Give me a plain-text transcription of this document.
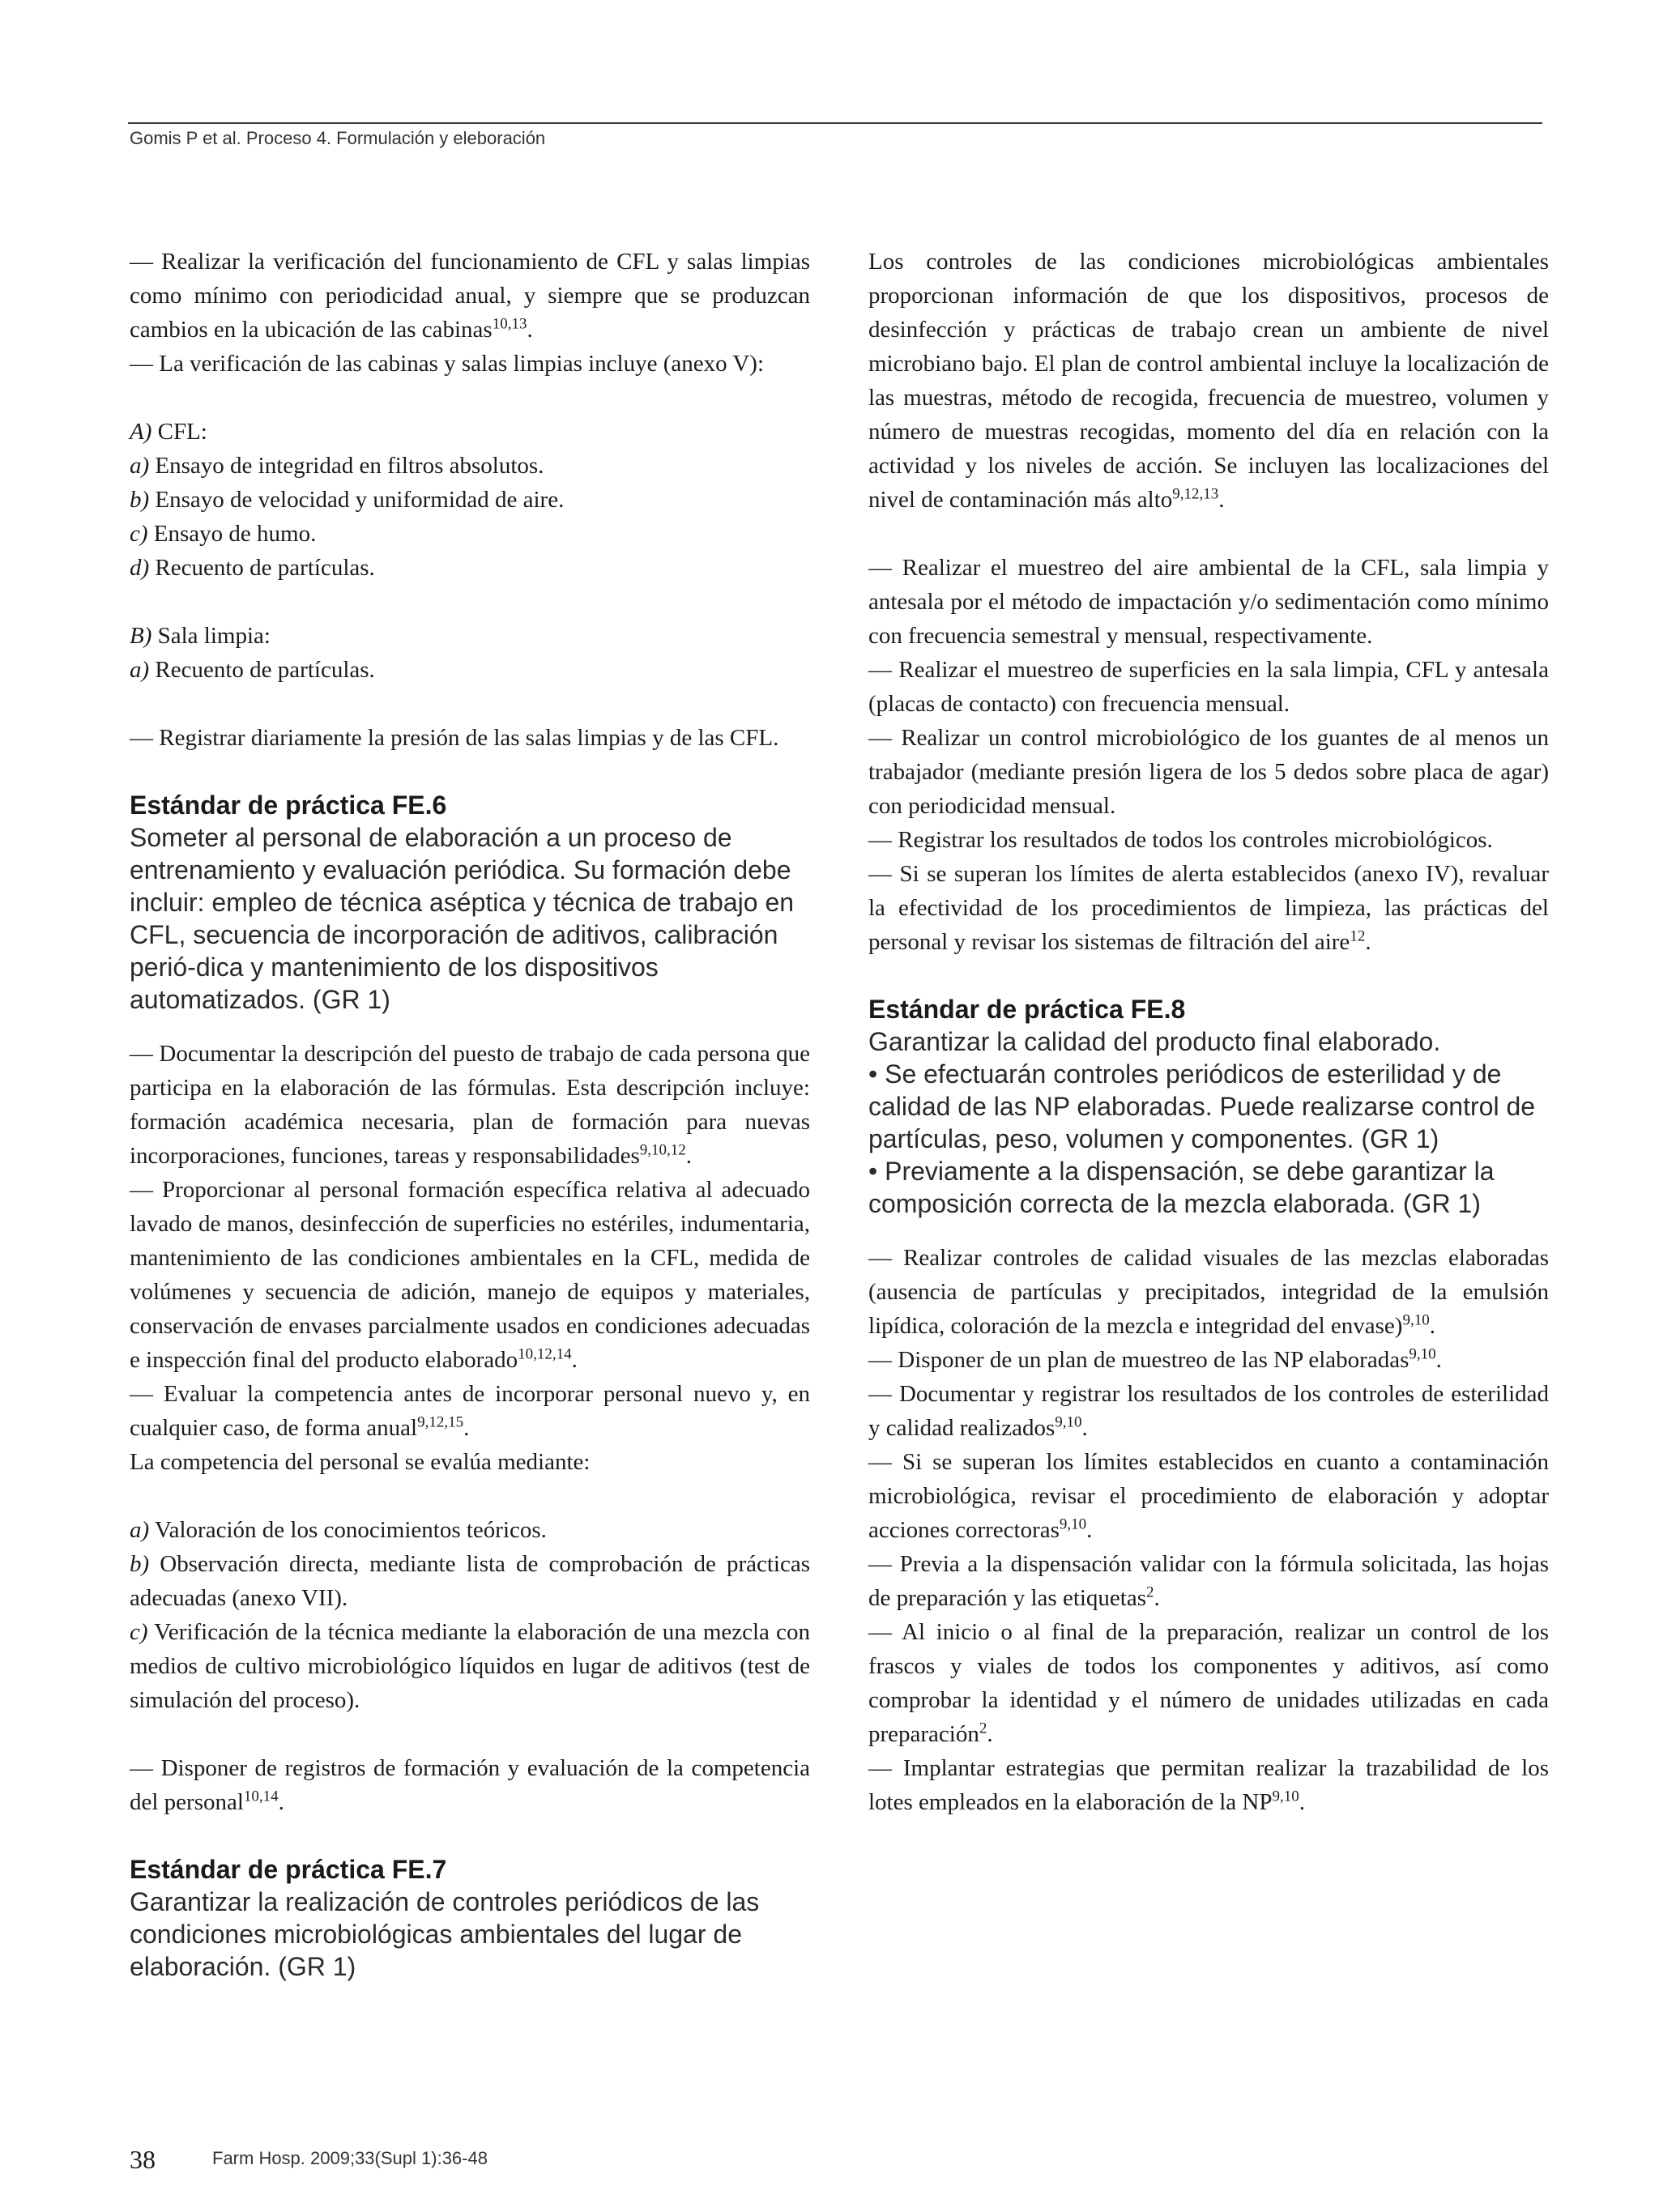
Gomis P et al. Proceso 4. Formulación y eleboración

— Realizar la verificación del funcionamiento de CFL y salas limpias como mínimo con periodicidad anual, y siempre que se produzcan cambios en la ubicación de las cabinas$^{10,13}$.

— La verificación de las cabinas y salas limpias incluye (anexo V):

A) CFL:

a) Ensayo de integridad en filtros absolutos.

b) Ensayo de velocidad y uniformidad de aire.

c) Ensayo de humo.

d) Recuento de partículas.

B) Sala limpia:

a) Recuento de partículas.

— Registrar diariamente la presión de las salas limpias y de las CFL.

Estándar de práctica FE.6

Someter al personal de elaboración a un proceso de entrenamiento y evaluación periódica. Su formación debe incluir: empleo de técnica aséptica y técnica de trabajo en CFL, secuencia de incorporación de aditivos, calibración perió-dica y mantenimiento de los dispositivos automatizados. (GR 1)

— Documentar la descripción del puesto de trabajo de cada persona que participa en la elaboración de las fórmulas. Esta descripción incluye: formación académica necesaria, plan de formación para nuevas incorporaciones, funciones, tareas y responsabilidades$^{9,10,12}$.

— Proporcionar al personal formación específica relativa al adecuado lavado de manos, desinfección de superficies no estériles, indumentaria, mantenimiento de las condiciones ambientales en la CFL, medida de volúmenes y secuencia de adición, manejo de equipos y materiales, conservación de envases parcialmente usados en condiciones adecuadas e inspección final del producto elaborado$^{10,12,14}$.

— Evaluar la competencia antes de incorporar personal nuevo y, en cualquier caso, de forma anual$^{9,12,15}$.

La competencia del personal se evalúa mediante:

a) Valoración de los conocimientos teóricos.

b) Observación directa, mediante lista de comprobación de prácticas adecuadas (anexo VII).

c) Verificación de la técnica mediante la elaboración de una mezcla con medios de cultivo microbiológico líquidos en lugar de aditivos (test de simulación del proceso).

— Disponer de registros de formación y evaluación de la competencia del personal$^{10,14}$.

Estándar de práctica FE.7

Garantizar la realización de controles periódicos de las condiciones microbiológicas ambientales del lugar de elaboración. (GR 1)

Los controles de las condiciones microbiológicas ambientales proporcionan información de que los dispositivos, procesos de desinfección y prácticas de trabajo crean un ambiente de nivel microbiano bajo. El plan de control ambiental incluye la localización de las muestras, método de recogida, frecuencia de muestreo, volumen y número de muestras recogidas, momento del día en relación con la actividad y los niveles de acción. Se incluyen las localizaciones del nivel de contaminación más alto$^{9,12,13}$.

— Realizar el muestreo del aire ambiental de la CFL, sala limpia y antesala por el método de impactación y/o sedimentación como mínimo con frecuencia semestral y mensual, respectivamente.

— Realizar el muestreo de superficies en la sala limpia, CFL y antesala (placas de contacto) con frecuencia mensual.

— Realizar un control microbiológico de los guantes de al menos un trabajador (mediante presión ligera de los 5 dedos sobre placa de agar) con periodicidad mensual.

— Registrar los resultados de todos los controles microbiológicos.

— Si se superan los límites de alerta establecidos (anexo IV), revaluar la efectividad de los procedimientos de limpieza, las prácticas del personal y revisar los sistemas de filtración del aire$^{12}$.

Estándar de práctica FE.8

Garantizar la calidad del producto final elaborado.

• Se efectuarán controles periódicos de esterilidad y de calidad de las NP elaboradas. Puede realizarse control de partículas, peso, volumen y componentes. (GR 1)

• Previamente a la dispensación, se debe garantizar la composición correcta de la mezcla elaborada. (GR 1)

— Realizar controles de calidad visuales de las mezclas elaboradas (ausencia de partículas y precipitados, integridad de la emulsión lipídica, coloración de la mezcla e integridad del envase)$^{9,10}$.

— Disponer de un plan de muestreo de las NP elaboradas$^{9,10}$.

— Documentar y registrar los resultados de los controles de esterilidad y calidad realizados$^{9,10}$.

— Si se superan los límites establecidos en cuanto a contaminación microbiológica, revisar el procedimiento de elaboración y adoptar acciones correctoras$^{9,10}$.

— Previa a la dispensación validar con la fórmula solicitada, las hojas de preparación y las etiquetas$^2$.

— Al inicio o al final de la preparación, realizar un control de los frascos y viales de todos los componentes y aditivos, así como comprobar la identidad y el número de unidades utilizadas en cada preparación$^2$.

— Implantar estrategias que permitan realizar la trazabilidad de los lotes empleados en la elaboración de la NP$^{9,10}$.

38	Farm Hosp. 2009;33(Supl 1):36-48
